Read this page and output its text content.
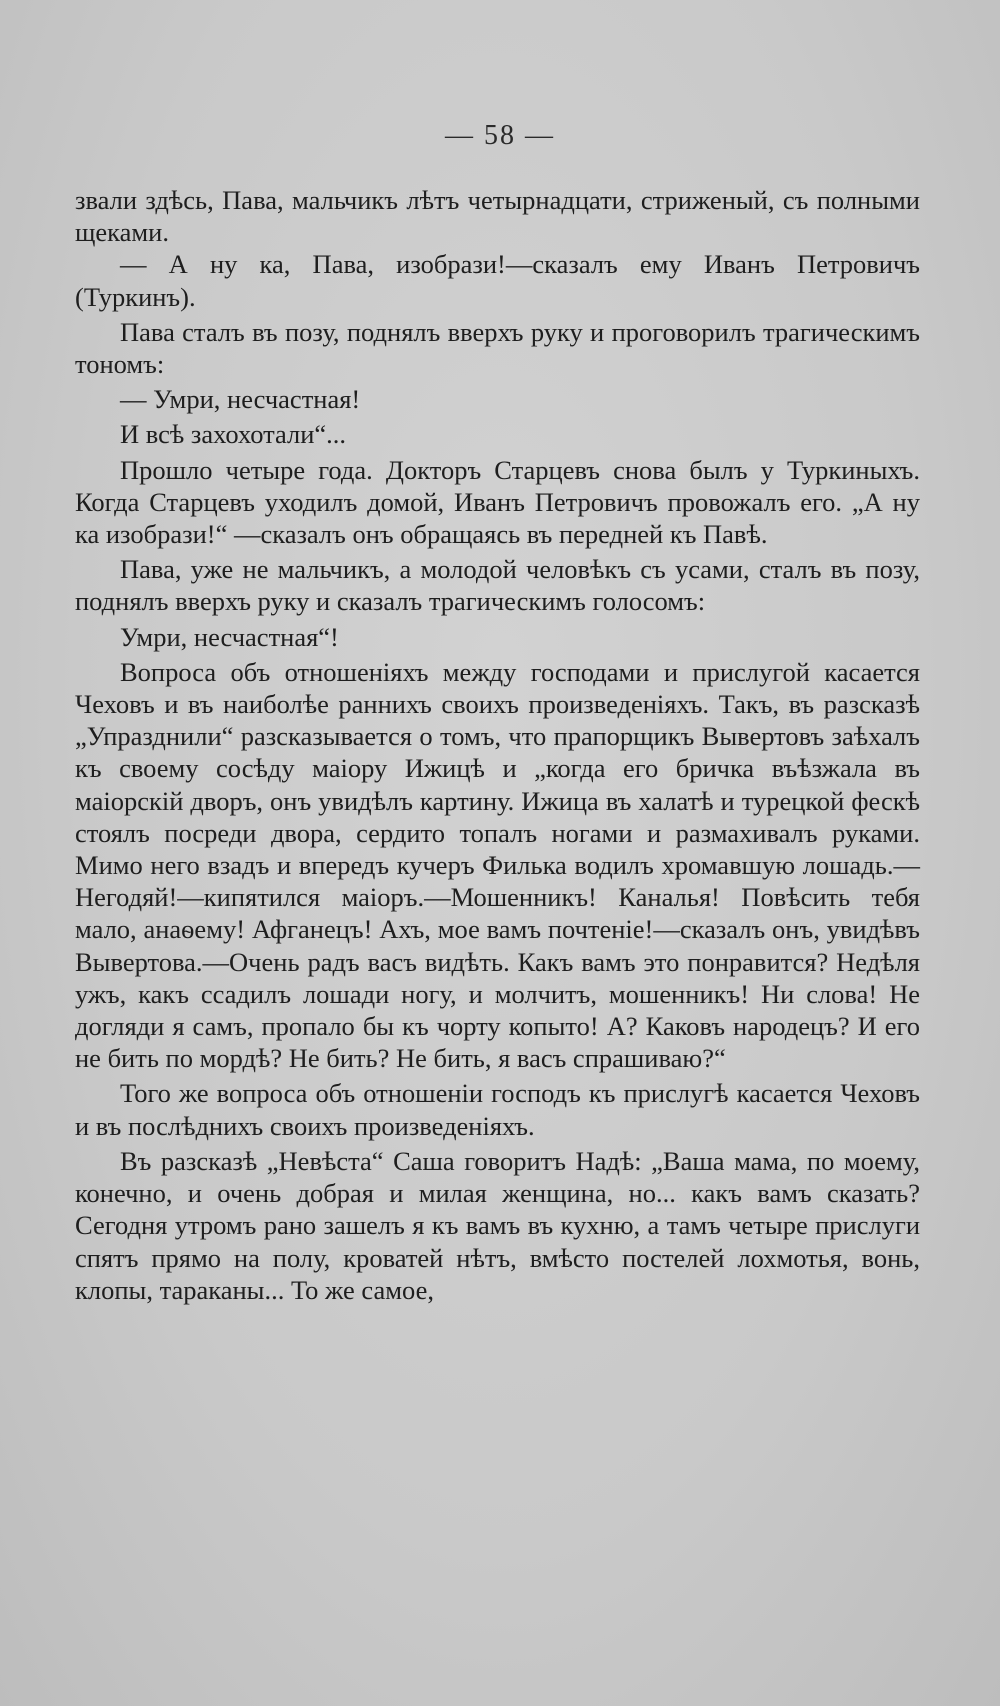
— 58 —

звали здѣсь, Пава, мальчикъ лѣтъ четырнадцати, стриженый, съ полными щеками.

— А ну ка, Пава, изобрази!—сказалъ ему Иванъ Петровичъ (Туркинъ).

Пава сталъ въ позу, поднялъ вверхъ руку и проговорилъ трагическимъ тономъ:

— Умри, несчастная!

И всѣ захохотали“...

Прошло четыре года. Докторъ Старцевъ снова былъ у Туркиныхъ. Когда Старцевъ уходилъ домой, Иванъ Петровичъ провожалъ его. „А ну ка изобрази!“ —сказалъ онъ обращаясь въ передней къ Павѣ.

Пава, уже не мальчикъ, а молодой человѣкъ съ усами, сталъ въ позу, поднялъ вверхъ руку и сказалъ трагическимъ голосомъ:

Умри, несчастная“!

Вопроса объ отношенiяхъ между господами и прислугой касается Чеховъ и въ наиболѣе раннихъ своихъ произведенiяхъ. Такъ, въ разсказѣ „Упразднили“ разсказывается о томъ, что прапорщикъ Вывертовъ заѣхалъ къ своему сосѣду маiору Ижицѣ и „когда его бричка въѣзжала въ маiорскiй дворъ, онъ увидѣлъ картину. Ижица въ халатѣ и турецкой фескѣ стоялъ посреди двора, сердито топалъ ногами и размахивалъ руками. Мимо него взадъ и впередъ кучеръ Филька водилъ хромавшую лошадь.—Негодяй!—кипятился маiоръ.—Мошенникъ! Каналья! Повѣсить тебя мало, анаѳему! Афганецъ! Ахъ, мое вамъ почтенiе!—сказалъ онъ, увидѣвъ Вывертова.—Очень радъ васъ видѣть. Какъ вамъ это понравится? Недѣля ужъ, какъ ссадилъ лошади ногу, и молчитъ, мошенникъ! Ни слова! Не догляди я самъ, пропало бы къ чорту копыто! А? Каковъ народецъ? И его не бить по мордѣ? Не бить? Не бить, я васъ спрашиваю?“

Того же вопроса объ отношенiи господъ къ прислугѣ касается Чеховъ и въ послѣднихъ своихъ произведенiяхъ.

Въ разсказѣ „Невѣста“ Саша говоритъ Надѣ: „Ваша мама, по моему, конечно, и очень добрая и милая женщина, но... какъ вамъ сказать? Сегодня утромъ рано зашелъ я къ вамъ въ кухню, а тамъ четыре прислуги спятъ прямо на полу, кроватей нѣтъ, вмѣсто постелей лохмотья, вонь, клопы, тараканы... То же самое,
